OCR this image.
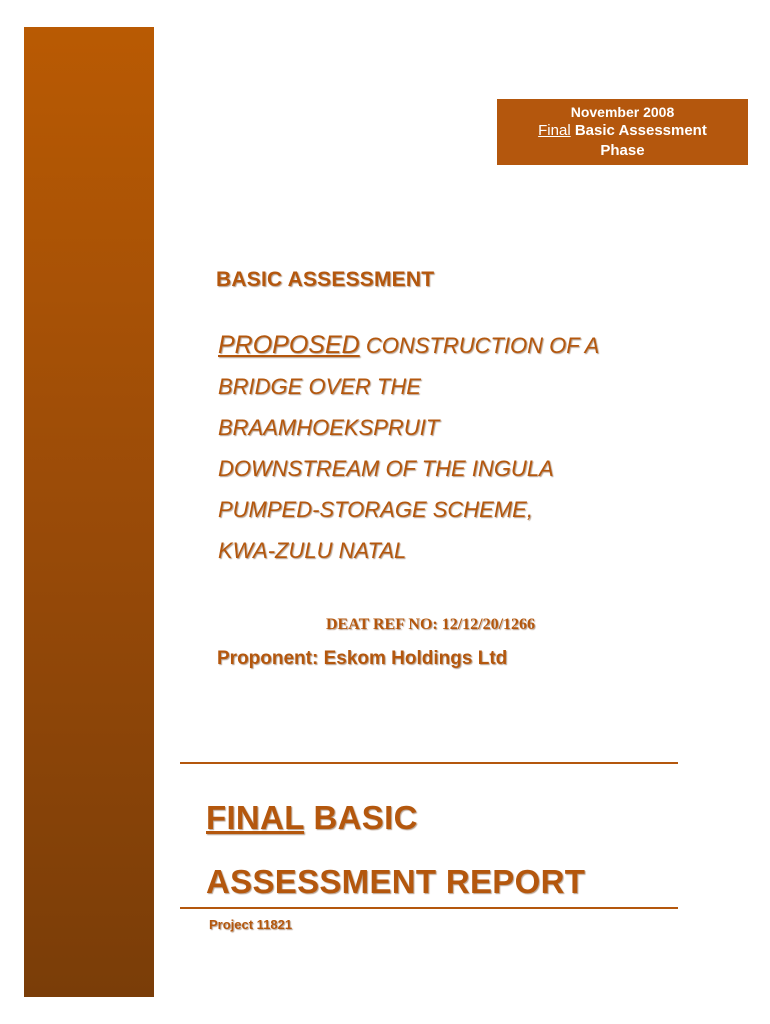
November 2008
Final Basic Assessment
Phase
BASIC ASSESSMENT
PROPOSED CONSTRUCTION OF A
BRIDGE OVER THE
BRAAMHOEKSPRUIT
DOWNSTREAM OF THE INGULA
PUMPED-STORAGE SCHEME,
KWA-ZULU NATAL
DEAT REF NO: 12/12/20/1266
Proponent: Eskom Holdings Ltd
FINAL BASIC
ASSESSMENT REPORT
Project 11821
